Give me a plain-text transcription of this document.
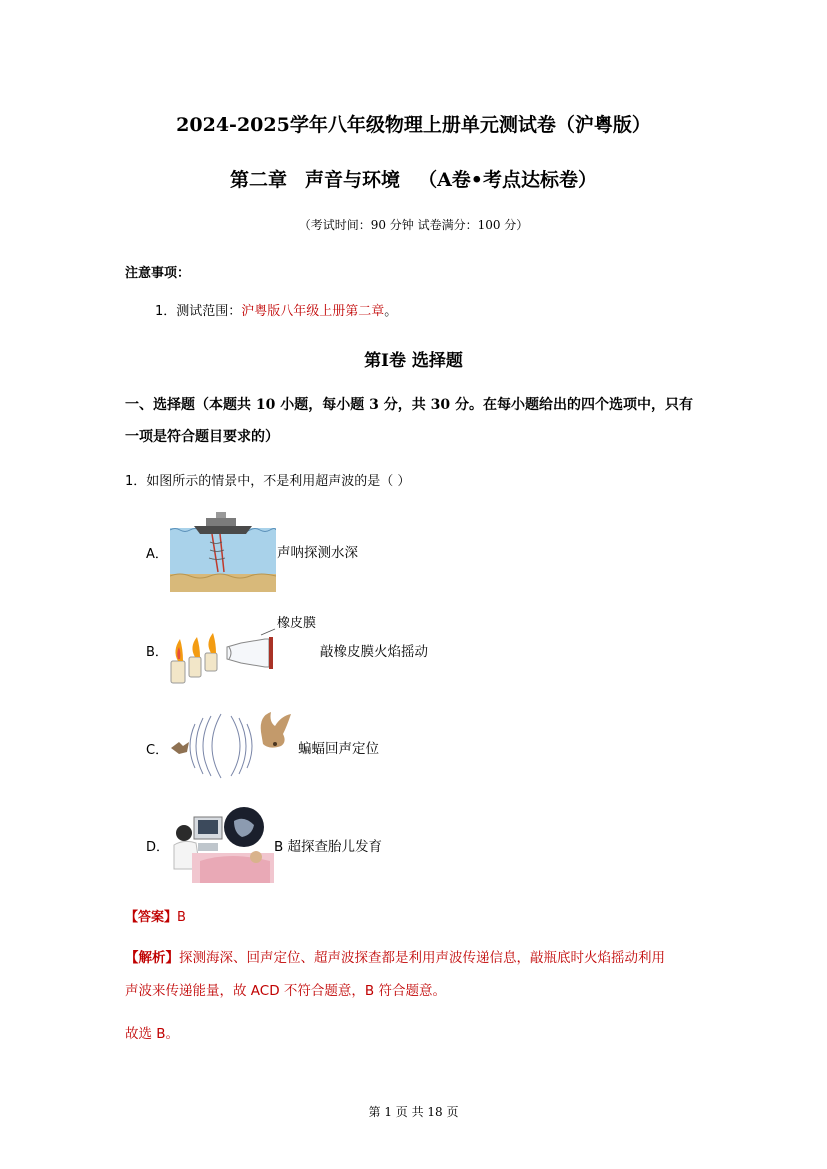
2024-2025学年八年级物理上册单元测试卷（沪粤版）
第二章 声音与环境 （A卷•考点达标卷）
（考试时间：90 分钟 试卷满分：100 分）
注意事项：
1．测试范围：沪粤版八年级上册第二章。
第Ⅰ卷 选择题
一、选择题（本题共 10 小题，每小题 3 分，共 30 分。在每小题给出的四个选项中，只有
一项是符合题目要求的）
1．如图所示的情景中，不是利用超声波的是（ ）
A．	声呐探测水深
B．
橡皮膜
敲橡皮膜火焰摇动
C．	蝙蝠回声定位
D．	B 超探查胎儿发育
【答案】B
【解析】探测海深、回声定位、超声波探查都是利用声波传递信息，敲瓶底时火焰摇动利用
声波来传递能量，故 ACD 不符合题意，B 符合题意。
故选 B。
第 1 页 共 18 页
